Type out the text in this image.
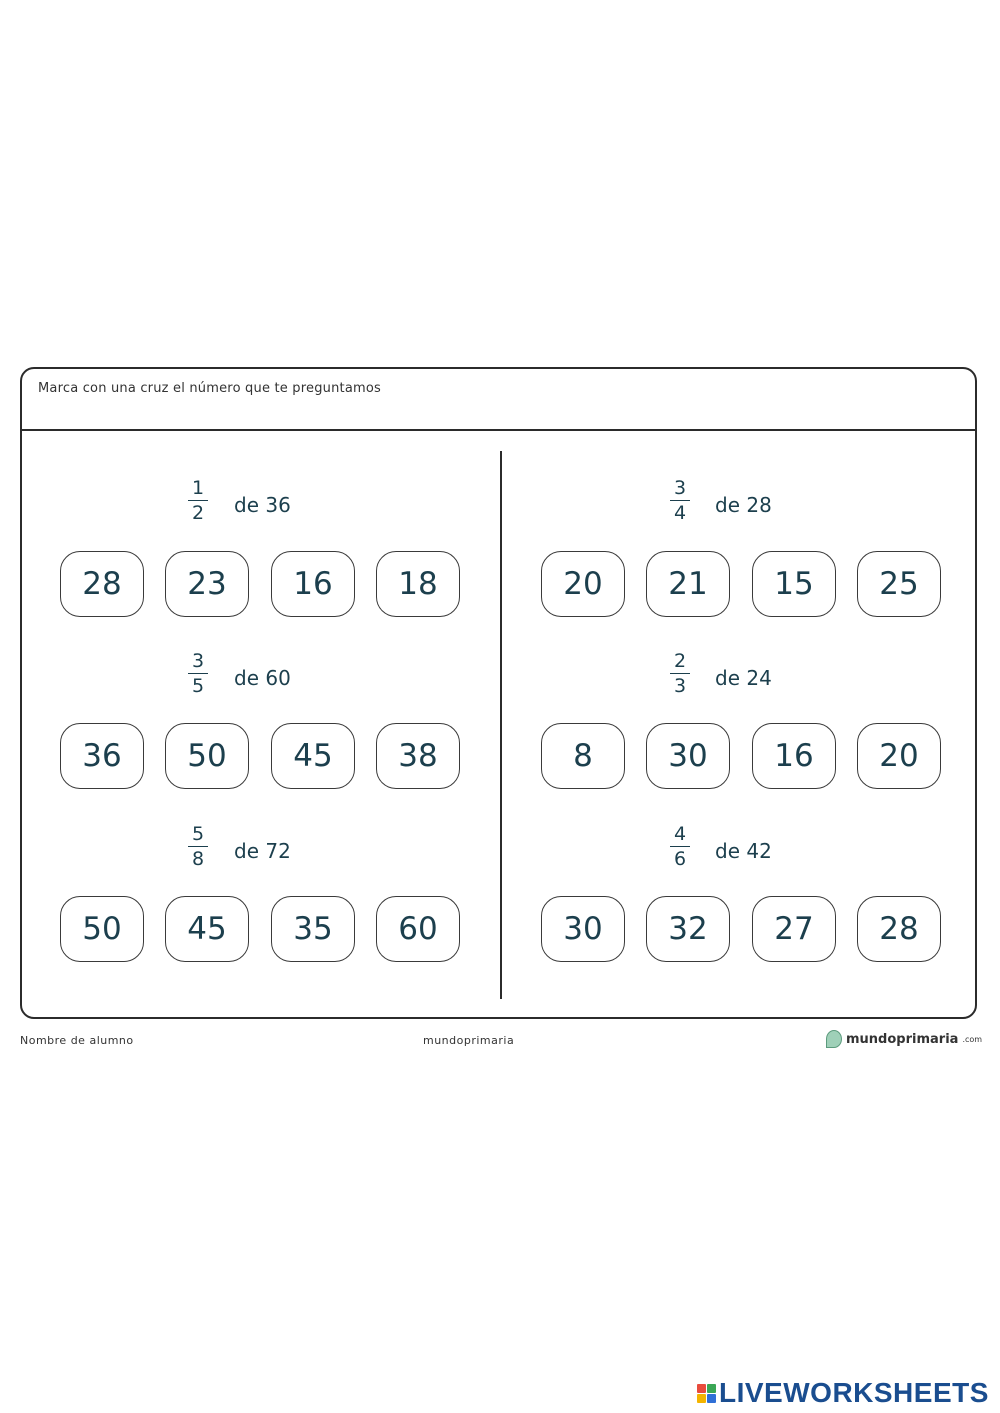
Marca con una cruz el número que te preguntamos
1
2 de 36
28	23	16	18
3
5 de 60
36	50	45	38
5
8 de 72
50	45	35	60
3
4 de 28
20	21	15	25
2
3 de 24
8	30	16	20
4
6 de 42
30	32	27	28
Nombre de alumno	mundoprimaria	mundoprimaria .com
LIVEWORKSHEETS
